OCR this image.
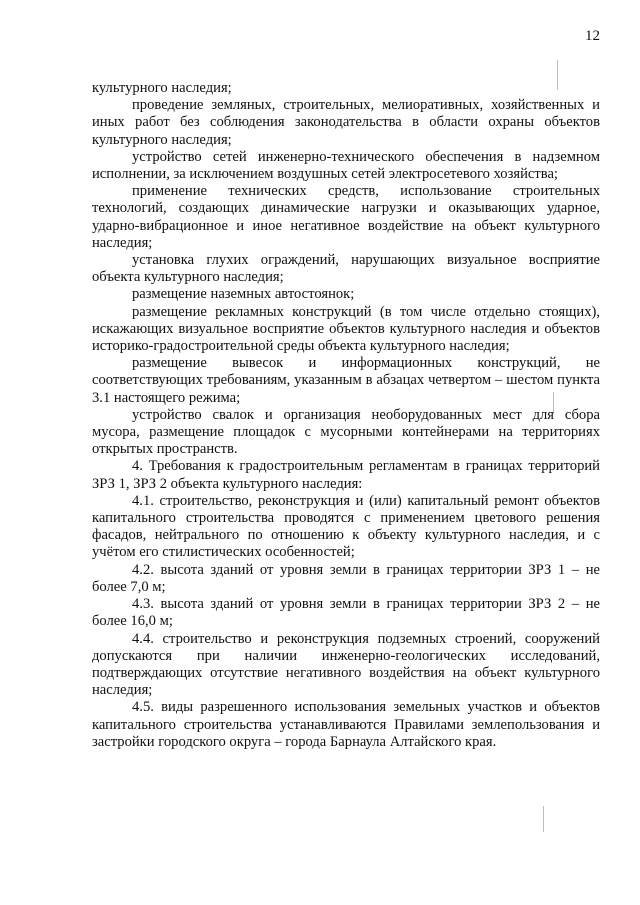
12

культурного наследия;

проведение земляных, строительных, мелиоративных, хозяйственных и иных работ без соблюдения законодательства в области охраны объектов культурного наследия;

устройство сетей инженерно-технического обеспечения в надземном исполнении, за исключением воздушных сетей электросетевого хозяйства;

применение технических средств, использование строительных технологий, создающих динамические нагрузки и оказывающих ударное, ударно-вибрационное и иное негативное воздействие на объект культурного наследия;

установка глухих ограждений, нарушающих визуальное восприятие объекта культурного наследия;

размещение наземных автостоянок;

размещение рекламных конструкций (в том числе отдельно стоящих), искажающих визуальное восприятие объектов культурного наследия и объектов историко-градостроительной среды объекта культурного наследия;

размещение вывесок и информационных конструкций, не соответствующих требованиям, указанным в абзацах четвертом – шестом пункта 3.1 настоящего режима;

устройство свалок и организация необорудованных мест для сбора мусора, размещение площадок с мусорными контейнерами на территориях открытых пространств.

4. Требования к градостроительным регламентам в границах территорий ЗРЗ 1, ЗРЗ 2 объекта культурного наследия:

4.1. строительство, реконструкция и (или) капитальный ремонт объектов капитального строительства проводятся с применением цветового решения фасадов, нейтрального по отношению к объекту культурного наследия, и с учётом его стилистических особенностей;

4.2. высота зданий от уровня земли в границах территории ЗРЗ 1 – не более 7,0 м;

4.3. высота зданий от уровня земли в границах территории ЗРЗ 2 – не более 16,0 м;

4.4. строительство и реконструкция подземных строений, сооружений допускаются при наличии инженерно-геологических исследований, подтверждающих отсутствие негативного воздействия на объект культурного наследия;

4.5. виды разрешенного использования земельных участков и объектов капитального строительства устанавливаются Правилами землепользования и застройки городского округа – города Барнаула Алтайского края.
